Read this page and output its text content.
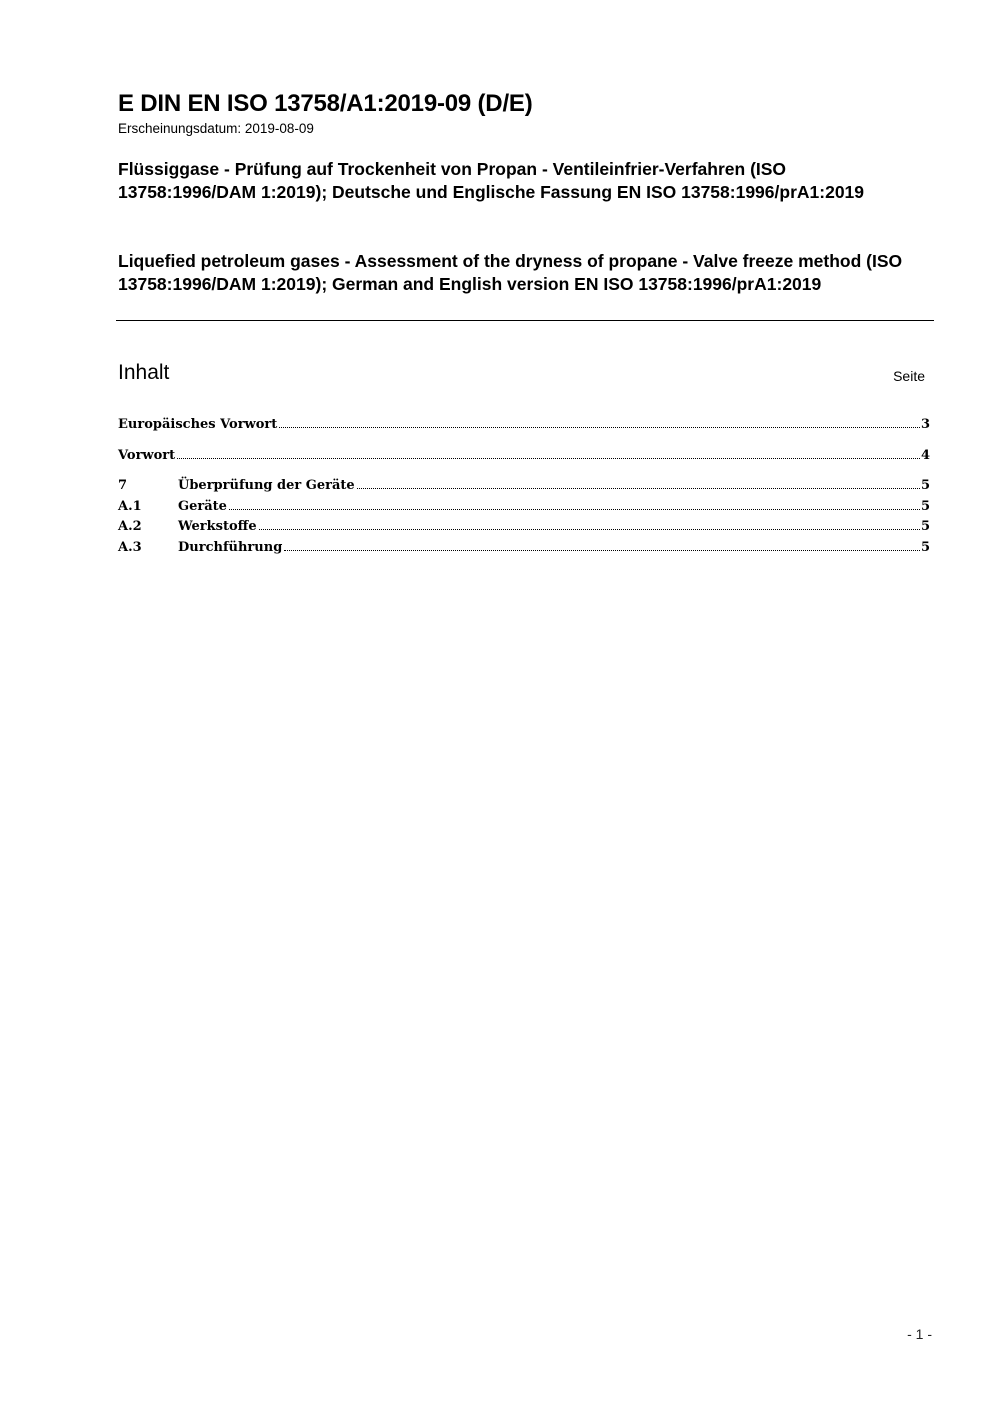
E DIN EN ISO 13758/A1:2019-09 (D/E)
Erscheinungsdatum: 2019-08-09

Flüssiggase - Prüfung auf Trockenheit von Propan - Ventileinfrier-Verfahren (ISO 13758:1996/DAM 1:2019); Deutsche und Englische Fassung EN ISO 13758:1996/prA1:2019

Liquefied petroleum gases - Assessment of the dryness of propane - Valve freeze method (ISO 13758:1996/DAM 1:2019); German and English version EN ISO 13758:1996/prA1:2019

Inhalt	Seite
Europäisches Vorwort	3
Vorwort	4
7	Überprüfung der Geräte	5
A.1	Geräte	5
A.2	Werkstoffe	5
A.3	Durchführung	5
- 1 -
